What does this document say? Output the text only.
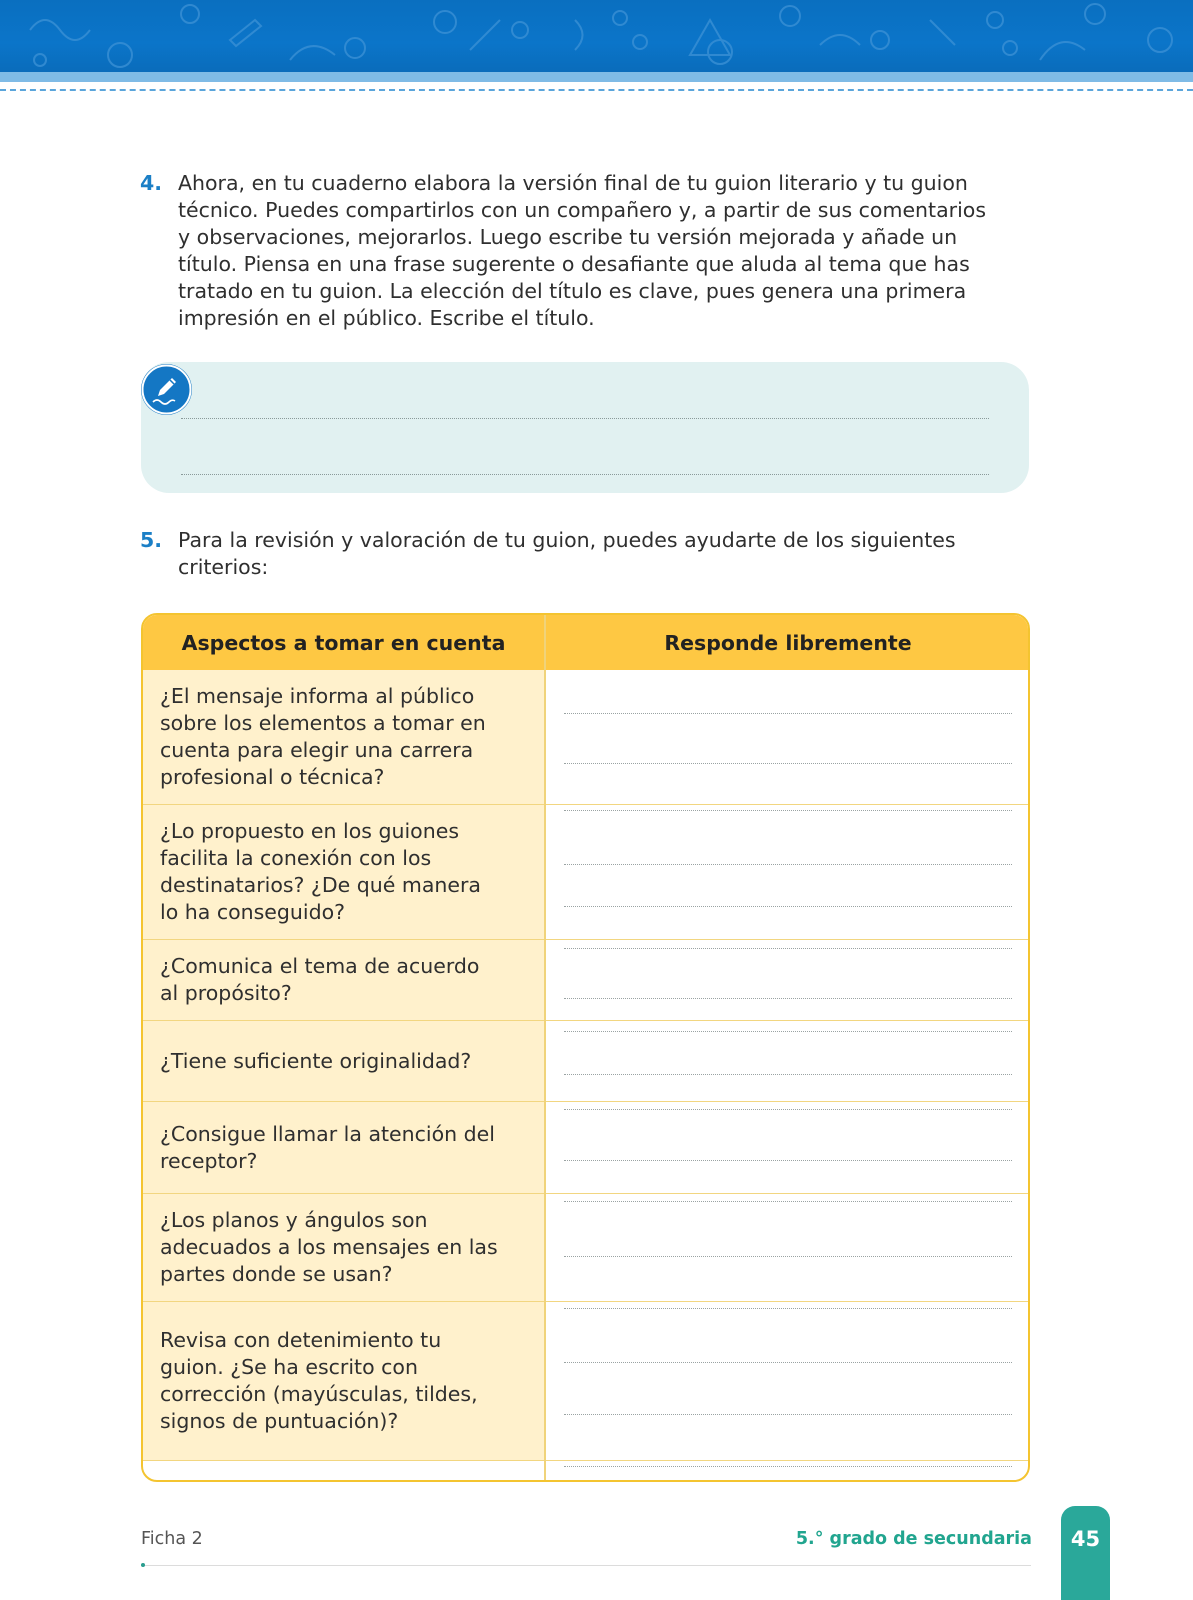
4. Ahora, en tu cuaderno elabora la versión final de tu guion literario y tu guion
técnico. Puedes compartirlos con un compañero y, a partir de sus comentarios
y observaciones, mejorarlos. Luego escribe tu versión mejorada y añade un
título. Piensa en una frase sugerente o desafiante que aluda al tema que has
tratado en tu guion. La elección del título es clave, pues genera una primera
impresión en el público. Escribe el título.
5. Para la revisión y valoración de tu guion, puedes ayudarte de los siguientes
criterios:
Aspectos a tomar en cuenta	Responde libremente
¿El mensaje informa al público
sobre los elementos a tomar en
cuenta para elegir una carrera
profesional o técnica?
¿Lo propuesto en los guiones
facilita la conexión con los
destinatarios? ¿De qué manera
lo ha conseguido?
¿Comunica el tema de acuerdo
al propósito?
¿Tiene suficiente originalidad?
¿Consigue llamar la atención del
receptor?
¿Los planos y ángulos son
adecuados a los mensajes en las
partes donde se usan?
Revisa con detenimiento tu
guion. ¿Se ha escrito con
corrección (mayúsculas, tildes,
signos de puntuación)?
Ficha 2	5.° grado de secundaria 45
